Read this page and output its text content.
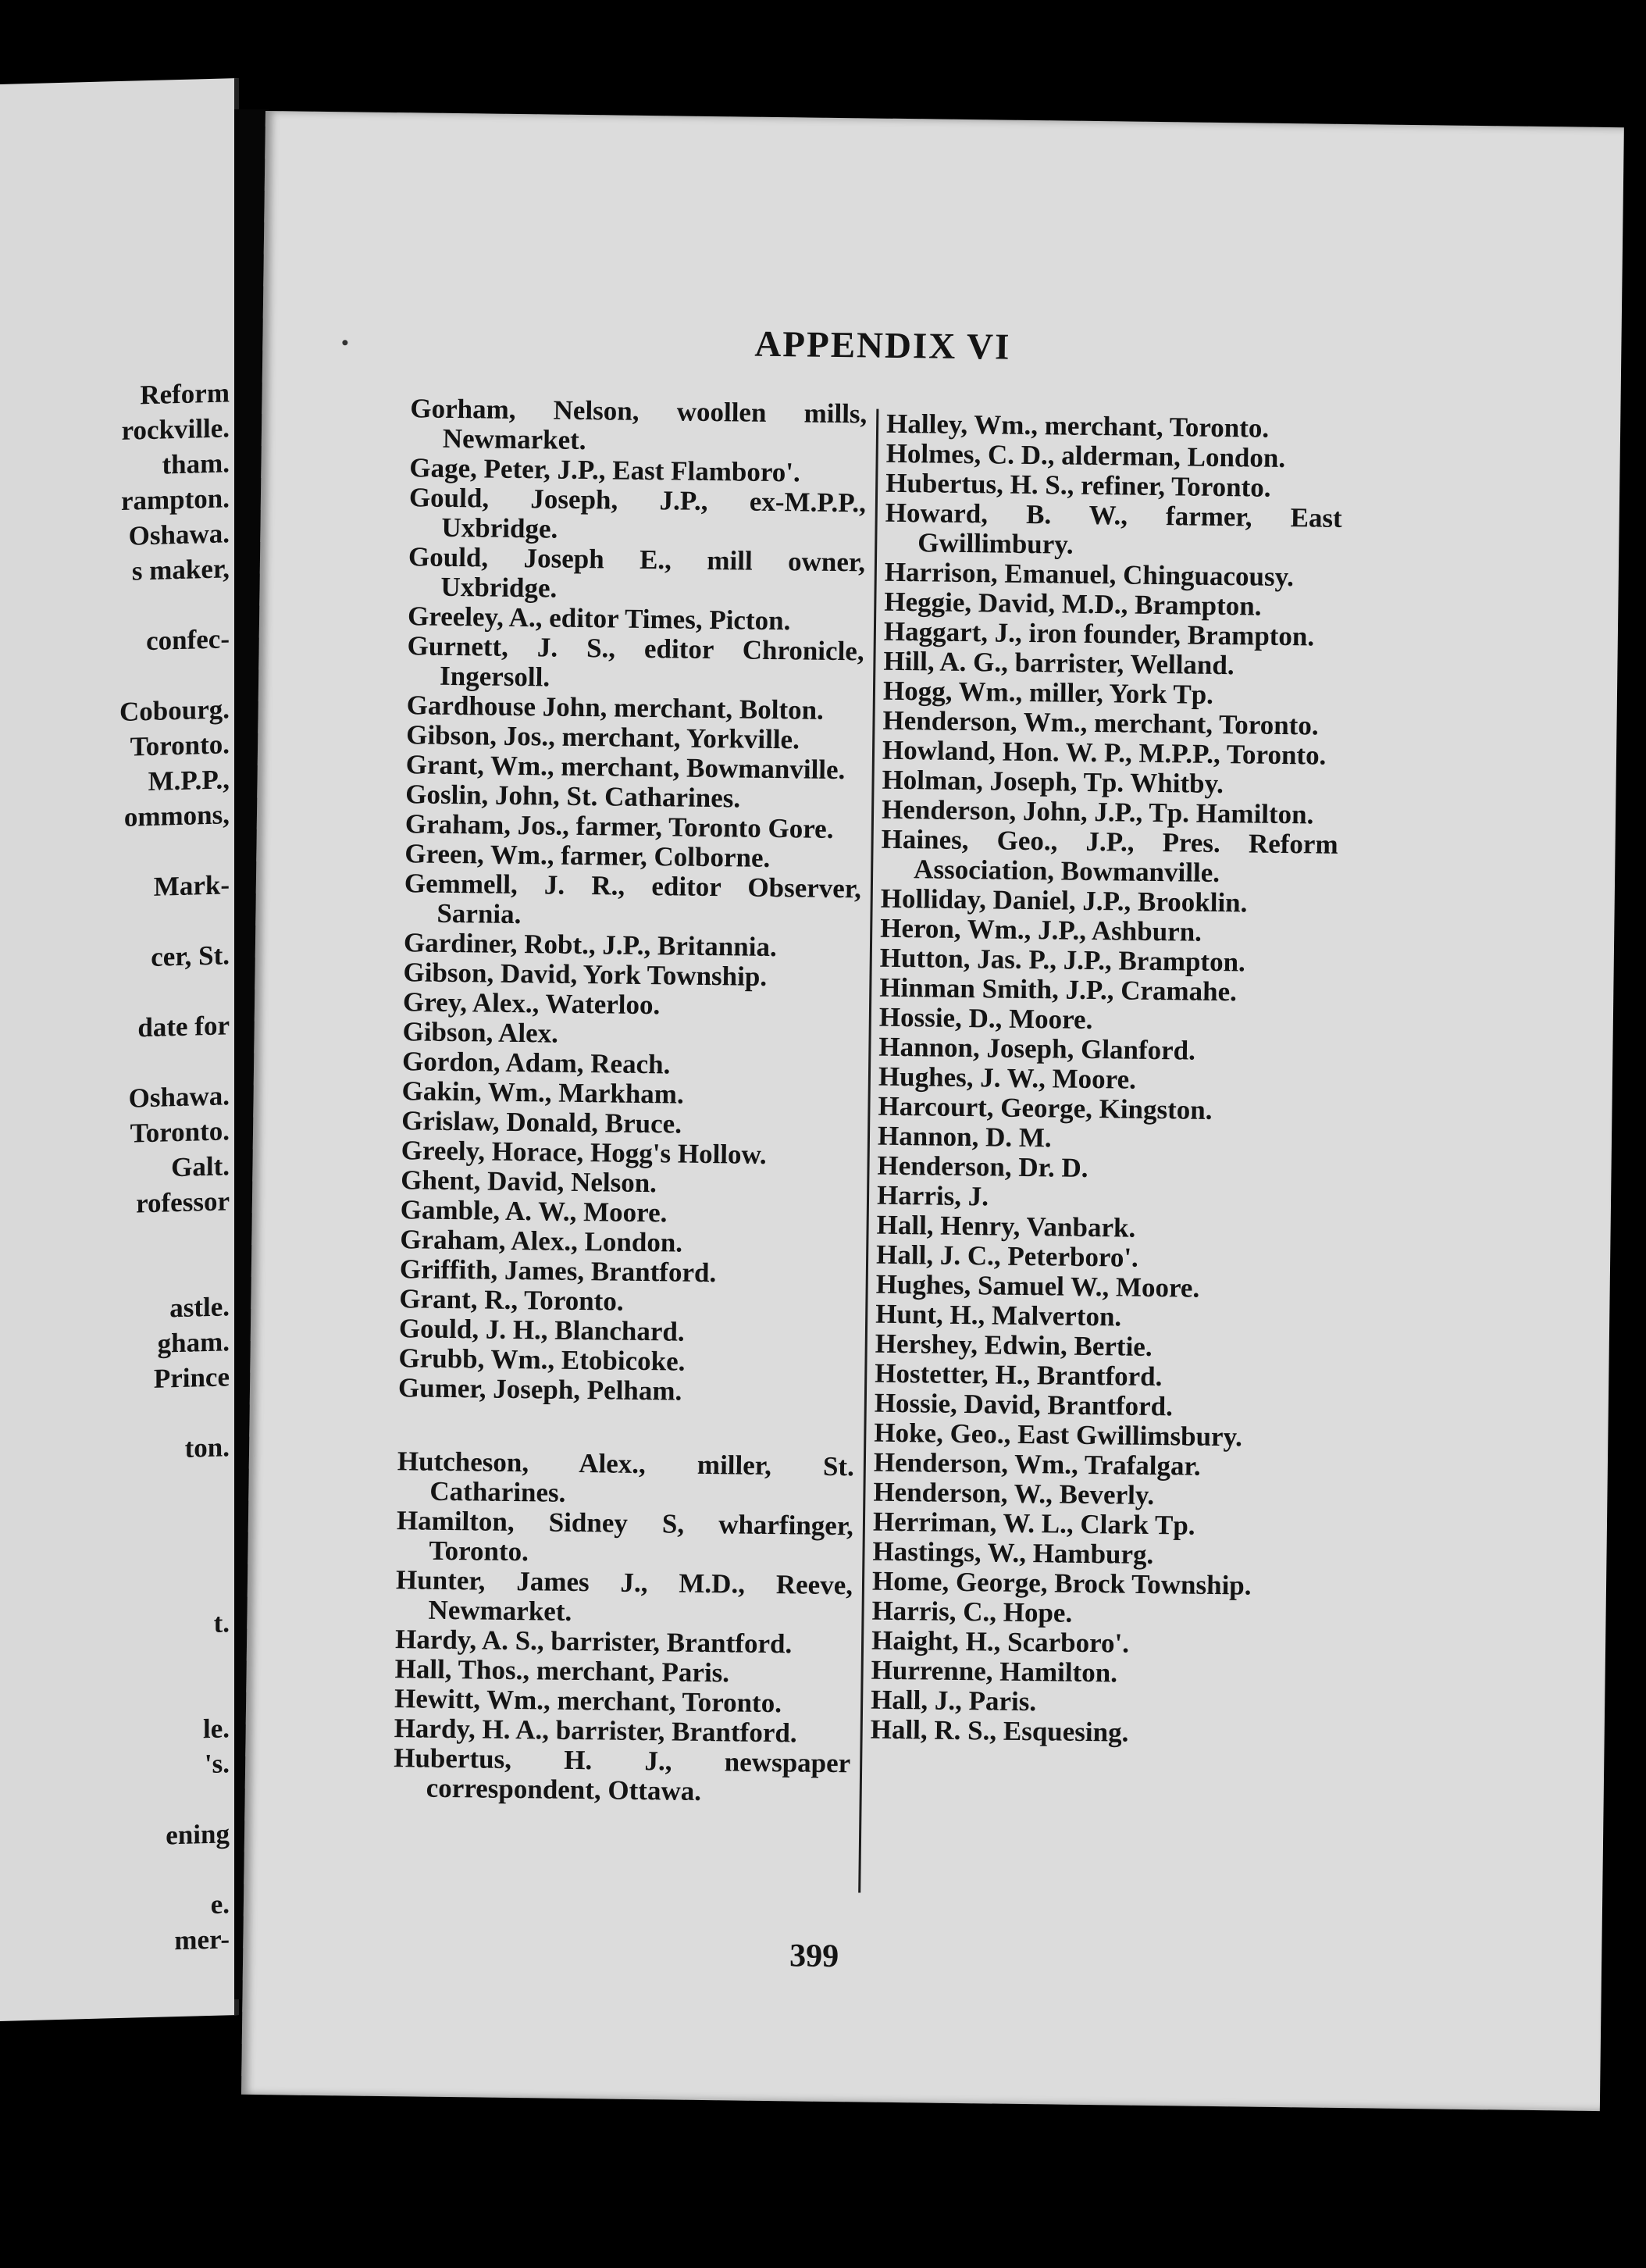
Reform
rockville.
tham.
rampton.
Oshawa.
s maker,
confec-
Cobourg.
Toronto.
M.P.P.,
ommons,
Mark-
cer, St.
date for
Oshawa.
Toronto.
Galt.
rofessor
astle.
gham.
Prince
ton.
t.
le.
's.
ening
e.
mer-
APPENDIX VI
Gorham, Nelson, woollen mills, Newmarket.
Gage, Peter, J.P., East Flamboro'.
Gould, Joseph, J.P., ex-M.P.P., Uxbridge.
Gould, Joseph E., mill owner, Uxbridge.
Greeley, A., editor Times, Picton.
Gurnett, J. S., editor Chronicle, Ingersoll.
Gardhouse John, merchant, Bolton.
Gibson, Jos., merchant, Yorkville.
Grant, Wm., merchant, Bowmanville.
Goslin, John, St. Catharines.
Graham, Jos., farmer, Toronto Gore.
Green, Wm., farmer, Colborne.
Gemmell, J. R., editor Observer, Sarnia.
Gardiner, Robt., J.P., Britannia.
Gibson, David, York Township.
Grey, Alex., Waterloo.
Gibson, Alex.
Gordon, Adam, Reach.
Gakin, Wm., Markham.
Grislaw, Donald, Bruce.
Greely, Horace, Hogg's Hollow.
Ghent, David, Nelson.
Gamble, A. W., Moore.
Graham, Alex., London.
Griffith, James, Brantford.
Grant, R., Toronto.
Gould, J. H., Blanchard.
Grubb, Wm., Etobicoke.
Gumer, Joseph, Pelham.
Hutcheson, Alex., miller, St. Catharines.
Hamilton, Sidney S, wharfinger, Toronto.
Hunter, James J., M.D., Reeve, Newmarket.
Hardy, A. S., barrister, Brantford.
Hall, Thos., merchant, Paris.
Hewitt, Wm., merchant, Toronto.
Hardy, H. A., barrister, Brantford.
Hubertus, H. J., newspaper correspondent, Ottawa.
Halley, Wm., merchant, Toronto.
Holmes, C. D., alderman, London.
Hubertus, H. S., refiner, Toronto.
Howard, B. W., farmer, East Gwillimbury.
Harrison, Emanuel, Chinguacousy.
Heggie, David, M.D., Brampton.
Haggart, J., iron founder, Brampton.
Hill, A. G., barrister, Welland.
Hogg, Wm., miller, York Tp.
Henderson, Wm., merchant, Toronto.
Howland, Hon. W. P., M.P.P., Toronto.
Holman, Joseph, Tp. Whitby.
Henderson, John, J.P., Tp. Hamilton.
Haines, Geo., J.P., Pres. Reform Association, Bowmanville.
Holliday, Daniel, J.P., Brooklin.
Heron, Wm., J.P., Ashburn.
Hutton, Jas. P., J.P., Brampton.
Hinman Smith, J.P., Cramahe.
Hossie, D., Moore.
Hannon, Joseph, Glanford.
Hughes, J. W., Moore.
Harcourt, George, Kingston.
Hannon, D. M.
Henderson, Dr. D.
Harris, J.
Hall, Henry, Vanbark.
Hall, J. C., Peterboro'.
Hughes, Samuel W., Moore.
Hunt, H., Malverton.
Hershey, Edwin, Bertie.
Hostetter, H., Brantford.
Hossie, David, Brantford.
Hoke, Geo., East Gwillimsbury.
Henderson, Wm., Trafalgar.
Henderson, W., Beverly.
Herriman, W. L., Clark Tp.
Hastings, W., Hamburg.
Home, George, Brock Township.
Harris, C., Hope.
Haight, H., Scarboro'.
Hurrenne, Hamilton.
Hall, J., Paris.
Hall, R. S., Esquesing.
399
